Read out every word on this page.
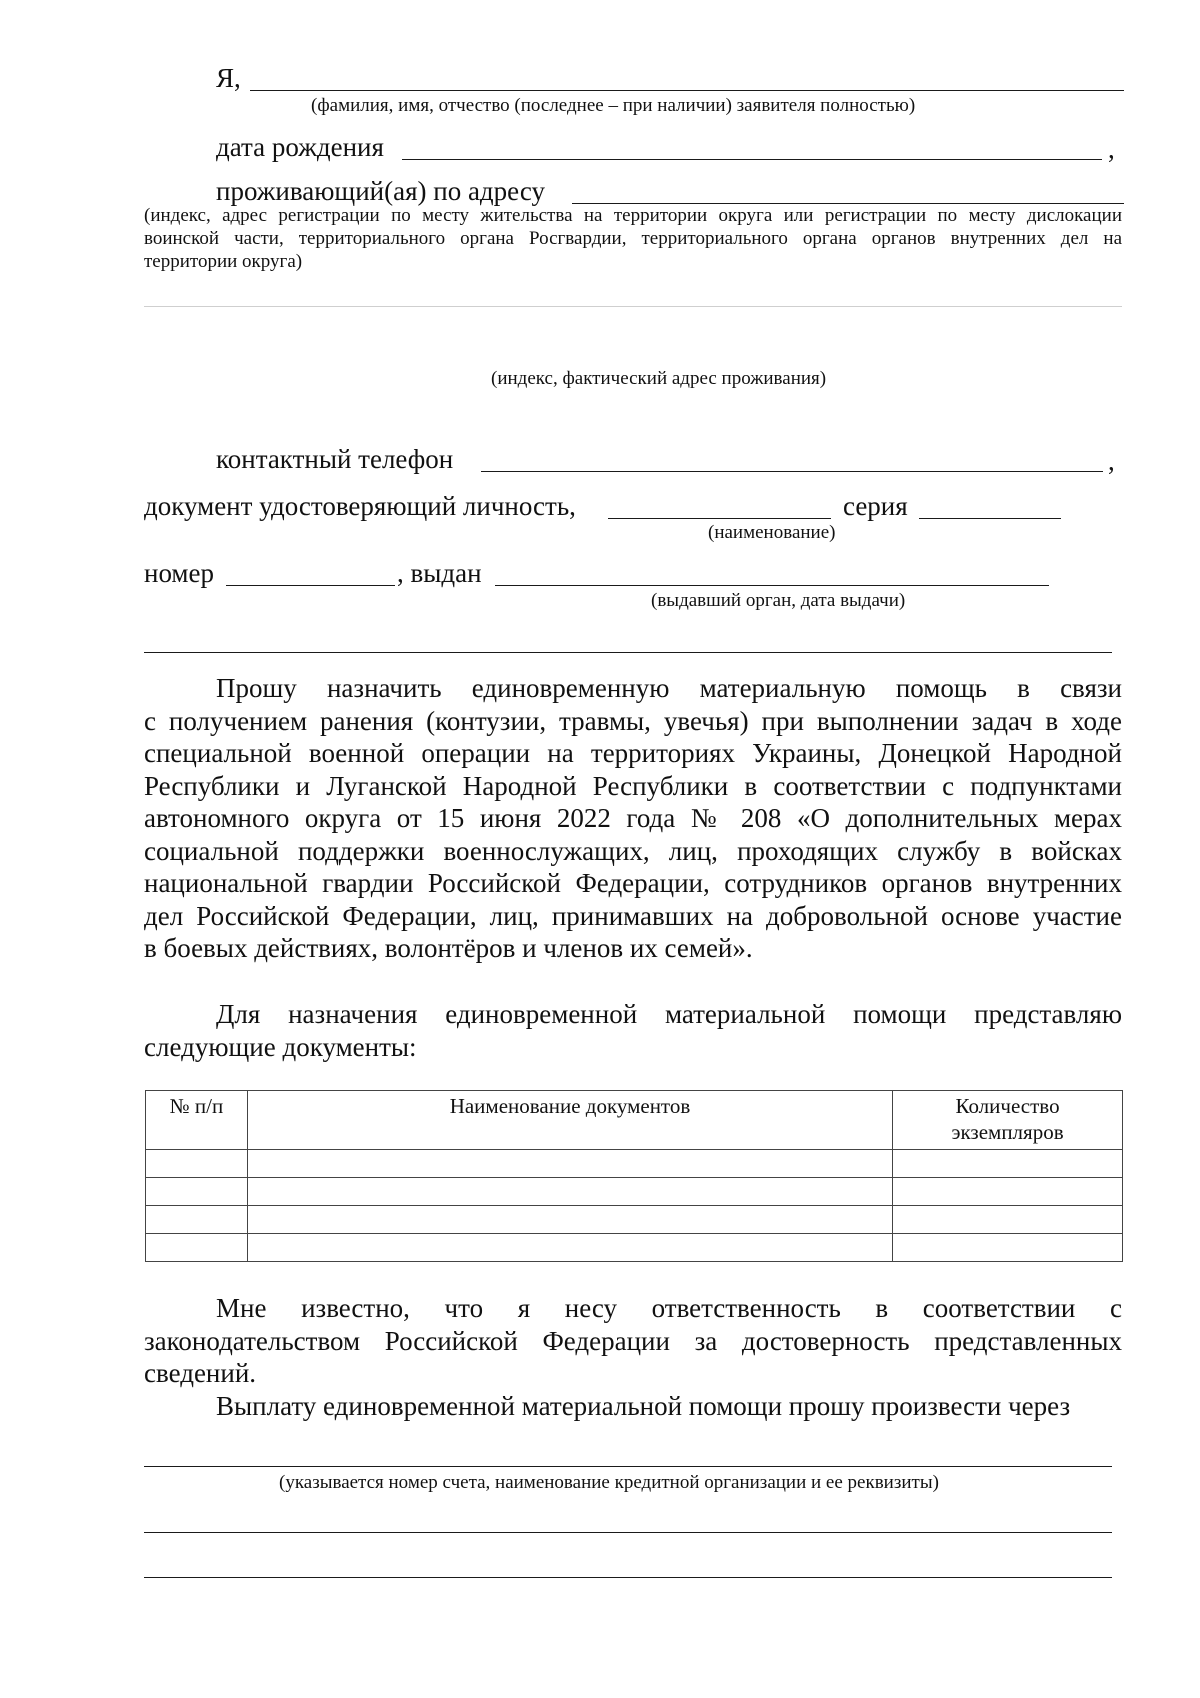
Я,
(фамилия, имя, отчество (последнее – при наличии) заявителя полностью)
дата рождения	,
проживающий(ая) по адресу
(индекс, адрес регистрации по месту жительства на территории округа или регистрации по месту дислокации
воинской части, территориального органа Росгвардии, территориального органа органов внутренних дел на
территории округа)
(индекс, фактический адрес проживания)
контактный телефон	,
документ удостоверяющий личность,	серия
(наименование)
номер	, выдан
(выдавший орган, дата выдачи)
Прошу назначить единовременную материальную помощь в связи
с получением ранения (контузии, травмы, увечья) при выполнении задач в ходе
специальной военной операции на территориях Украины, Донецкой Народной
Республики и Луганской Народной Республики в соответствии с подпунктами
автономного округа от 15 июня 2022 года № 208 «О дополнительных мерах
социальной поддержки военнослужащих, лиц, проходящих службу в войсках
национальной гвардии Российской Федерации, сотрудников органов внутренних
дел Российской Федерации, лиц, принимавших на добровольной основе участие
в боевых действиях, волонтёров и членов их семей».
Для назначения единовременной материальной помощи представляю
следующие документы:
№ п/п	Наименование документов	Количество экземпляров

Мне известно, что я несу ответственность в соответствии с
законодательством Российской Федерации за достоверность представленных
сведений.
Выплату единовременной материальной помощи прошу произвести через
(указывается номер счета, наименование кредитной организации и ее реквизиты)
